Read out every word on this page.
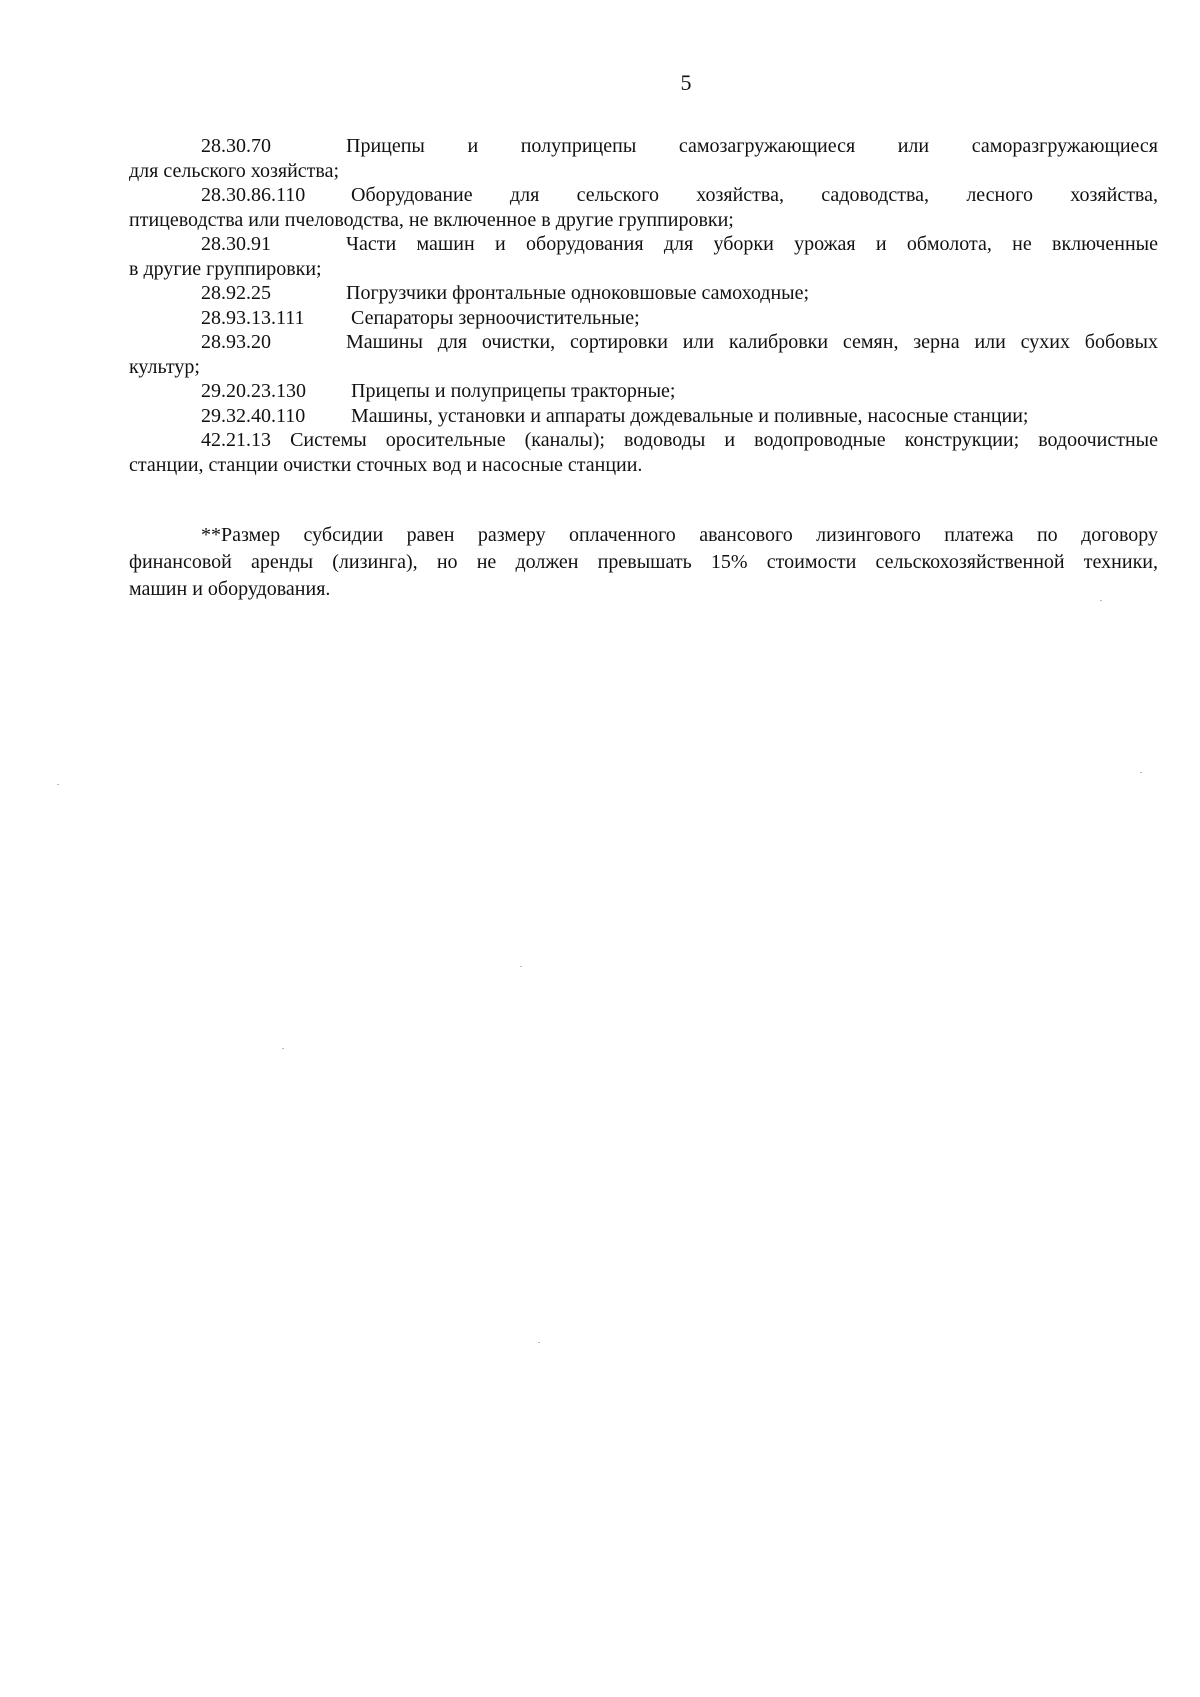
5
28.30.70	Прицепы и полуприцепы самозагружающиеся или саморазгружающиеся
для сельского хозяйства;
28.30.86.110	Оборудование для сельского хозяйства, садоводства, лесного хозяйства,
птицеводства или пчеловодства, не включенное в другие группировки;
28.30.91	Части машин и оборудования для уборки урожая и обмолота, не включенные
в другие группировки;
28.92.25	Погрузчики фронтальные одноковшовые самоходные;
28.93.13.111	Сепараторы зерноочистительные;
28.93.20	Машины для очистки, сортировки или калибровки семян, зерна или сухих бобовых
культур;
29.20.23.130	Прицепы и полуприцепы тракторные;
29.32.40.110	Машины, установки и аппараты дождевальные и поливные, насосные станции;
42.21.13 Системы оросительные (каналы); водоводы и водопроводные конструкции; водоочистные
станции, станции очистки сточных вод и насосные станции.
**Размер субсидии равен размеру оплаченного авансового лизингового платежа по договору
финансовой аренды (лизинга), но не должен превышать 15% стоимости сельскохозяйственной техники,
машин и оборудования.
